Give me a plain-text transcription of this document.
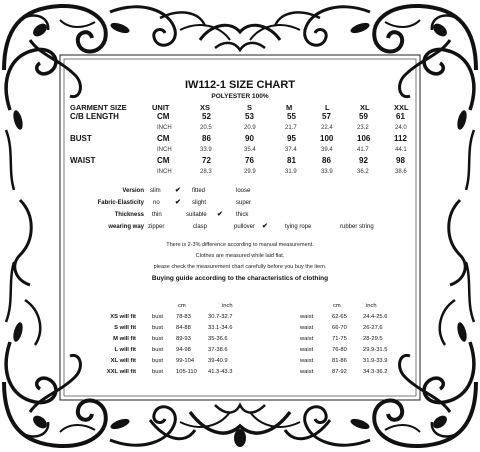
IW112-1 SIZE CHART
POLYESTER 100%
GARMENT SIZE	UNIT	XS	S	M	L	XL	XXL
C/B LENGTH	CM	52	53	55	57	59	61
INCH	20.5	20.9	21.7	22.4	23.2	24.0
BUST	CM	86	90	95	100	106	112
INCH	33.9	35.4	37.4	39.4	41.7	44.1
WAIST	CM	72	76	81	86	92	98
INCH	28.3	29.9	31.9	33.9	36.2	38.6
Version slim ✔ fitted	loose
Fabric-Elasticity no ✔ slight	super
Thickness thin	suitable ✔ thick
wearing way zipper	clasp	pullover ✔	tying rope	rubber string
There is 2-3% difference according to manual measurement.
Clothes are measured while laid flat.
please check the measurement chart carefully before you buy the item.
Buying guide according to the characteristics of clothing
cm	inch	cm	inch
XS will fit	bust 78-83	30.7-32.7	waist	62-65	24.4-25.6
S will fit	bust 84-88	33.1-34.6	waist	66-70	26-27.6
M will fit	bust 89-93	35-36.6	waist	71-75	28-29.5
L will fit	bust 94-98	37-38.6	waist	76-80	29.9-31.5
XL will fit	bust 99-104 39-40.9	waist	81-86	31.9-33.9
XXL will fit	bust 105-110 41.3-43.3	waist	87-92	34.3-36.2
